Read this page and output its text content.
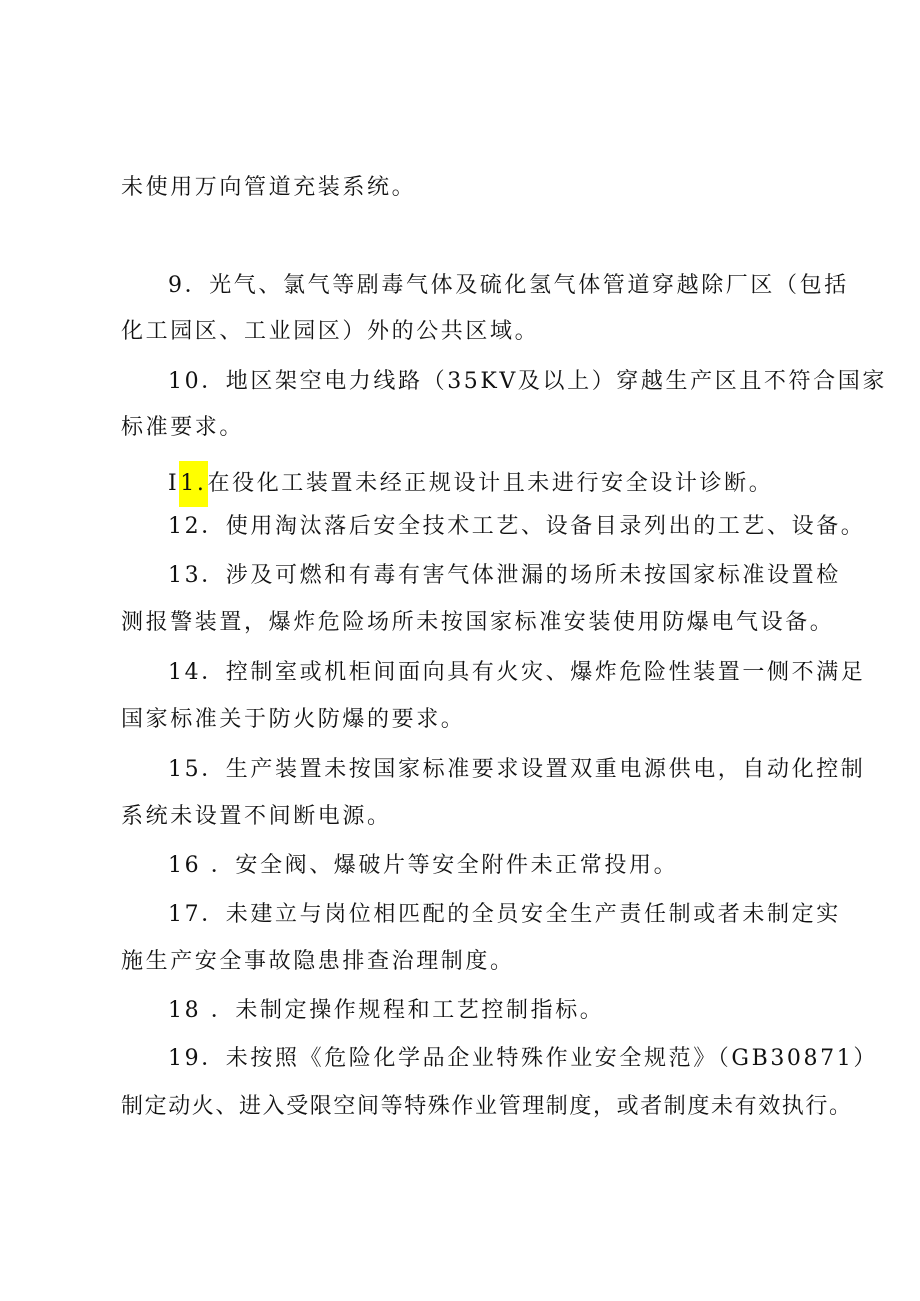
未使用万向管道充装系统。
9．光气、氯气等剧毒气体及硫化氢气体管道穿越除厂区（包括
化工园区、工业园区）外的公共区域。
10．地区架空电力线路（35KV及以上）穿越生产区且不符合国家
标准要求。
I1.在役化工装置未经正规设计且未进行安全设计诊断。
12．使用淘汰落后安全技术工艺、设备目录列出的工艺、设备。
13．涉及可燃和有毒有害气体泄漏的场所未按国家标准设置检
测报警装置，爆炸危险场所未按国家标准安装使用防爆电气设备。
14．控制室或机柜间面向具有火灾、爆炸危险性装置一侧不满足
国家标准关于防火防爆的要求。
15．生产装置未按国家标准要求设置双重电源供电，自动化控制
系统未设置不间断电源。
16 ．安全阀、爆破片等安全附件未正常投用。
17．未建立与岗位相匹配的全员安全生产责任制或者未制定实
施生产安全事故隐患排查治理制度。
18 ．未制定操作规程和工艺控制指标。
19．未按照《危险化学品企业特殊作业安全规范》（GB30871）
制定动火、进入受限空间等特殊作业管理制度，或者制度未有效执行。
